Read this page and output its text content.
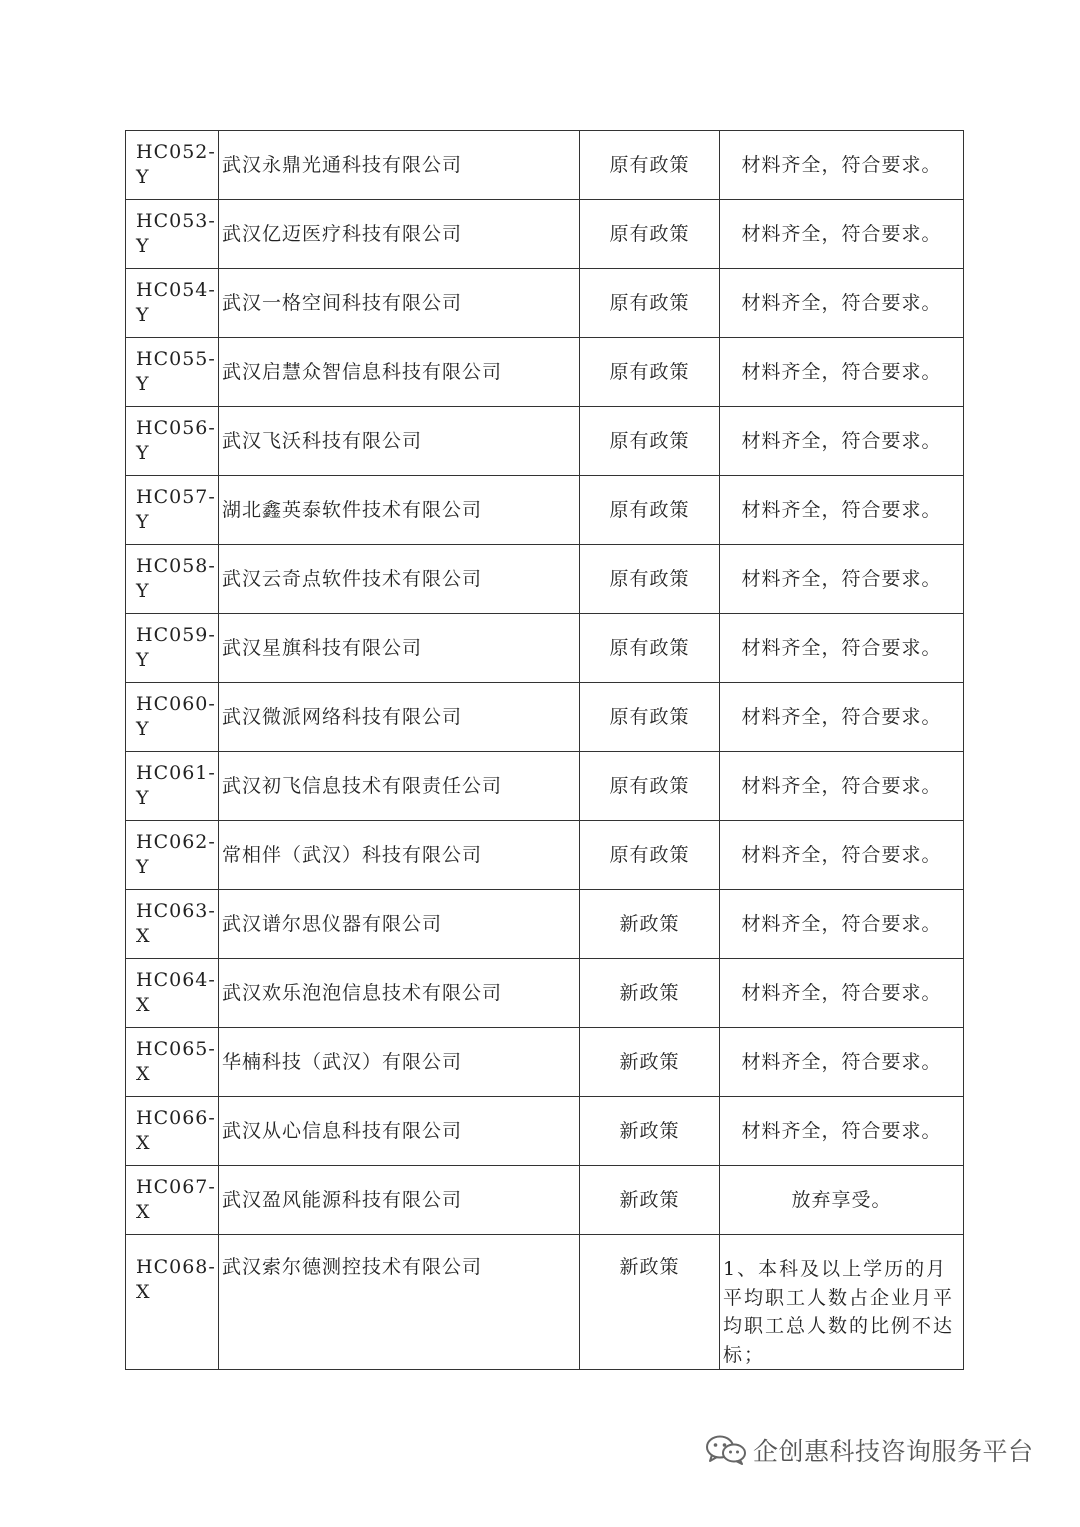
HC052-Y	武汉永鼎光通科技有限公司	原有政策	材料齐全，符合要求。
HC053-Y	武汉亿迈医疗科技有限公司	原有政策	材料齐全，符合要求。
HC054-Y	武汉一格空间科技有限公司	原有政策	材料齐全，符合要求。
HC055-Y	武汉启慧众智信息科技有限公司	原有政策	材料齐全，符合要求。
HC056-Y	武汉飞沃科技有限公司	原有政策	材料齐全，符合要求。
HC057-Y	湖北鑫英泰软件技术有限公司	原有政策	材料齐全，符合要求。
HC058-Y	武汉云奇点软件技术有限公司	原有政策	材料齐全，符合要求。
HC059-Y	武汉星旗科技有限公司	原有政策	材料齐全，符合要求。
HC060-Y	武汉微派网络科技有限公司	原有政策	材料齐全，符合要求。
HC061-Y	武汉初飞信息技术有限责任公司	原有政策	材料齐全，符合要求。
HC062-Y	常相伴（武汉）科技有限公司	原有政策	材料齐全，符合要求。
HC063-X	武汉谱尔思仪器有限公司	新政策	材料齐全，符合要求。
HC064-X	武汉欢乐泡泡信息技术有限公司	新政策	材料齐全，符合要求。
HC065-X	华楠科技（武汉）有限公司	新政策	材料齐全，符合要求。
HC066-X	武汉从心信息科技有限公司	新政策	材料齐全，符合要求。
HC067-X	武汉盈风能源科技有限公司	新政策	放弃享受。
HC068-X	武汉索尔德测控技术有限公司	新政策	1、本科及以上学历的月平均职工人数占企业月平均职工总人数的比例不达标；
企创惠科技咨询服务平台
